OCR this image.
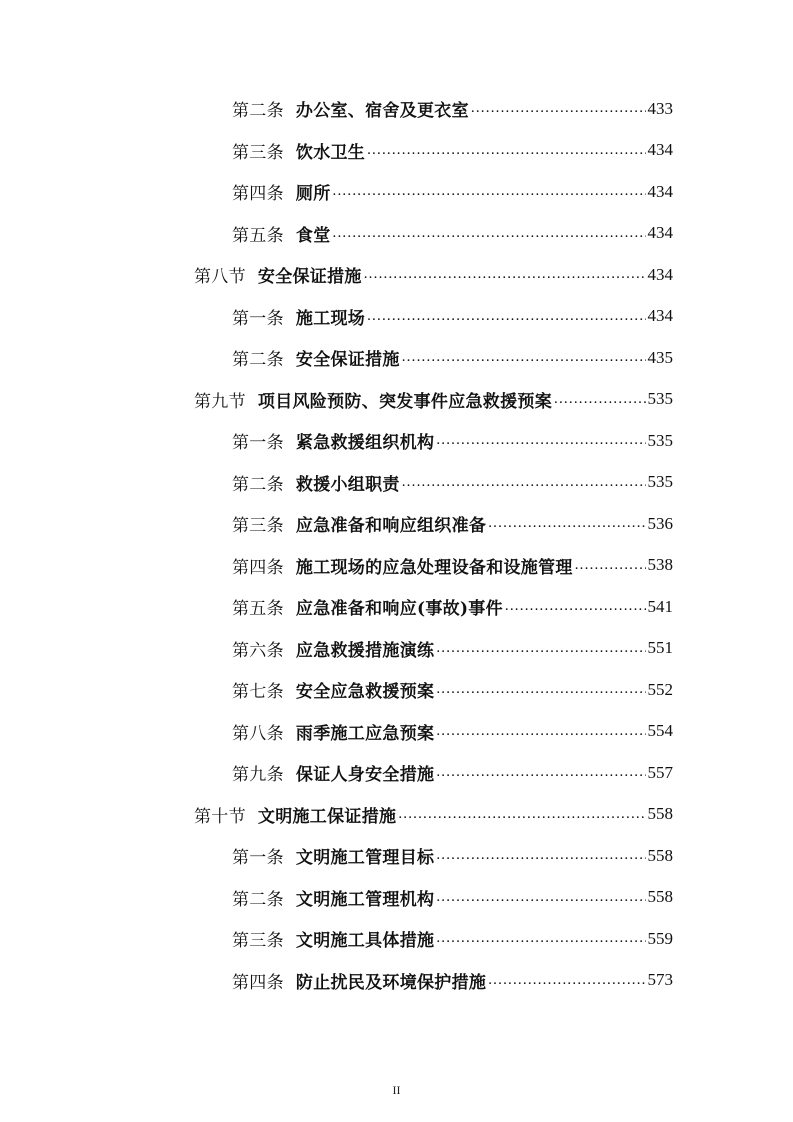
第二条 办公室、宿舍及更衣室 .....	433
第三条 饮水卫生 .....	434
第四条 厕所 .....	434
第五条 食堂 .....	434
第八节 安全保证措施 .....	434
第一条 施工现场 .....	434
第二条 安全保证措施 .....	435
第九节 项目风险预防、突发事件应急救援预案 .....	535
第一条 紧急救援组织机构 .....	535
第二条 救援小组职责 .....	535
第三条 应急准备和响应组织准备 .....	536
第四条 施工现场的应急处理设备和设施管理 .....	538
第五条 应急准备和响应(事故)事件 .....	541
第六条 应急救援措施演练 .....	551
第七条 安全应急救援预案 .....	552
第八条 雨季施工应急预案 .....	554
第九条 保证人身安全措施 .....	557
第十节 文明施工保证措施 .....	558
第一条 文明施工管理目标 .....	558
第二条 文明施工管理机构 .....	558
第三条 文明施工具体措施 .....	559
第四条 防止扰民及环境保护措施 .....	573
II
